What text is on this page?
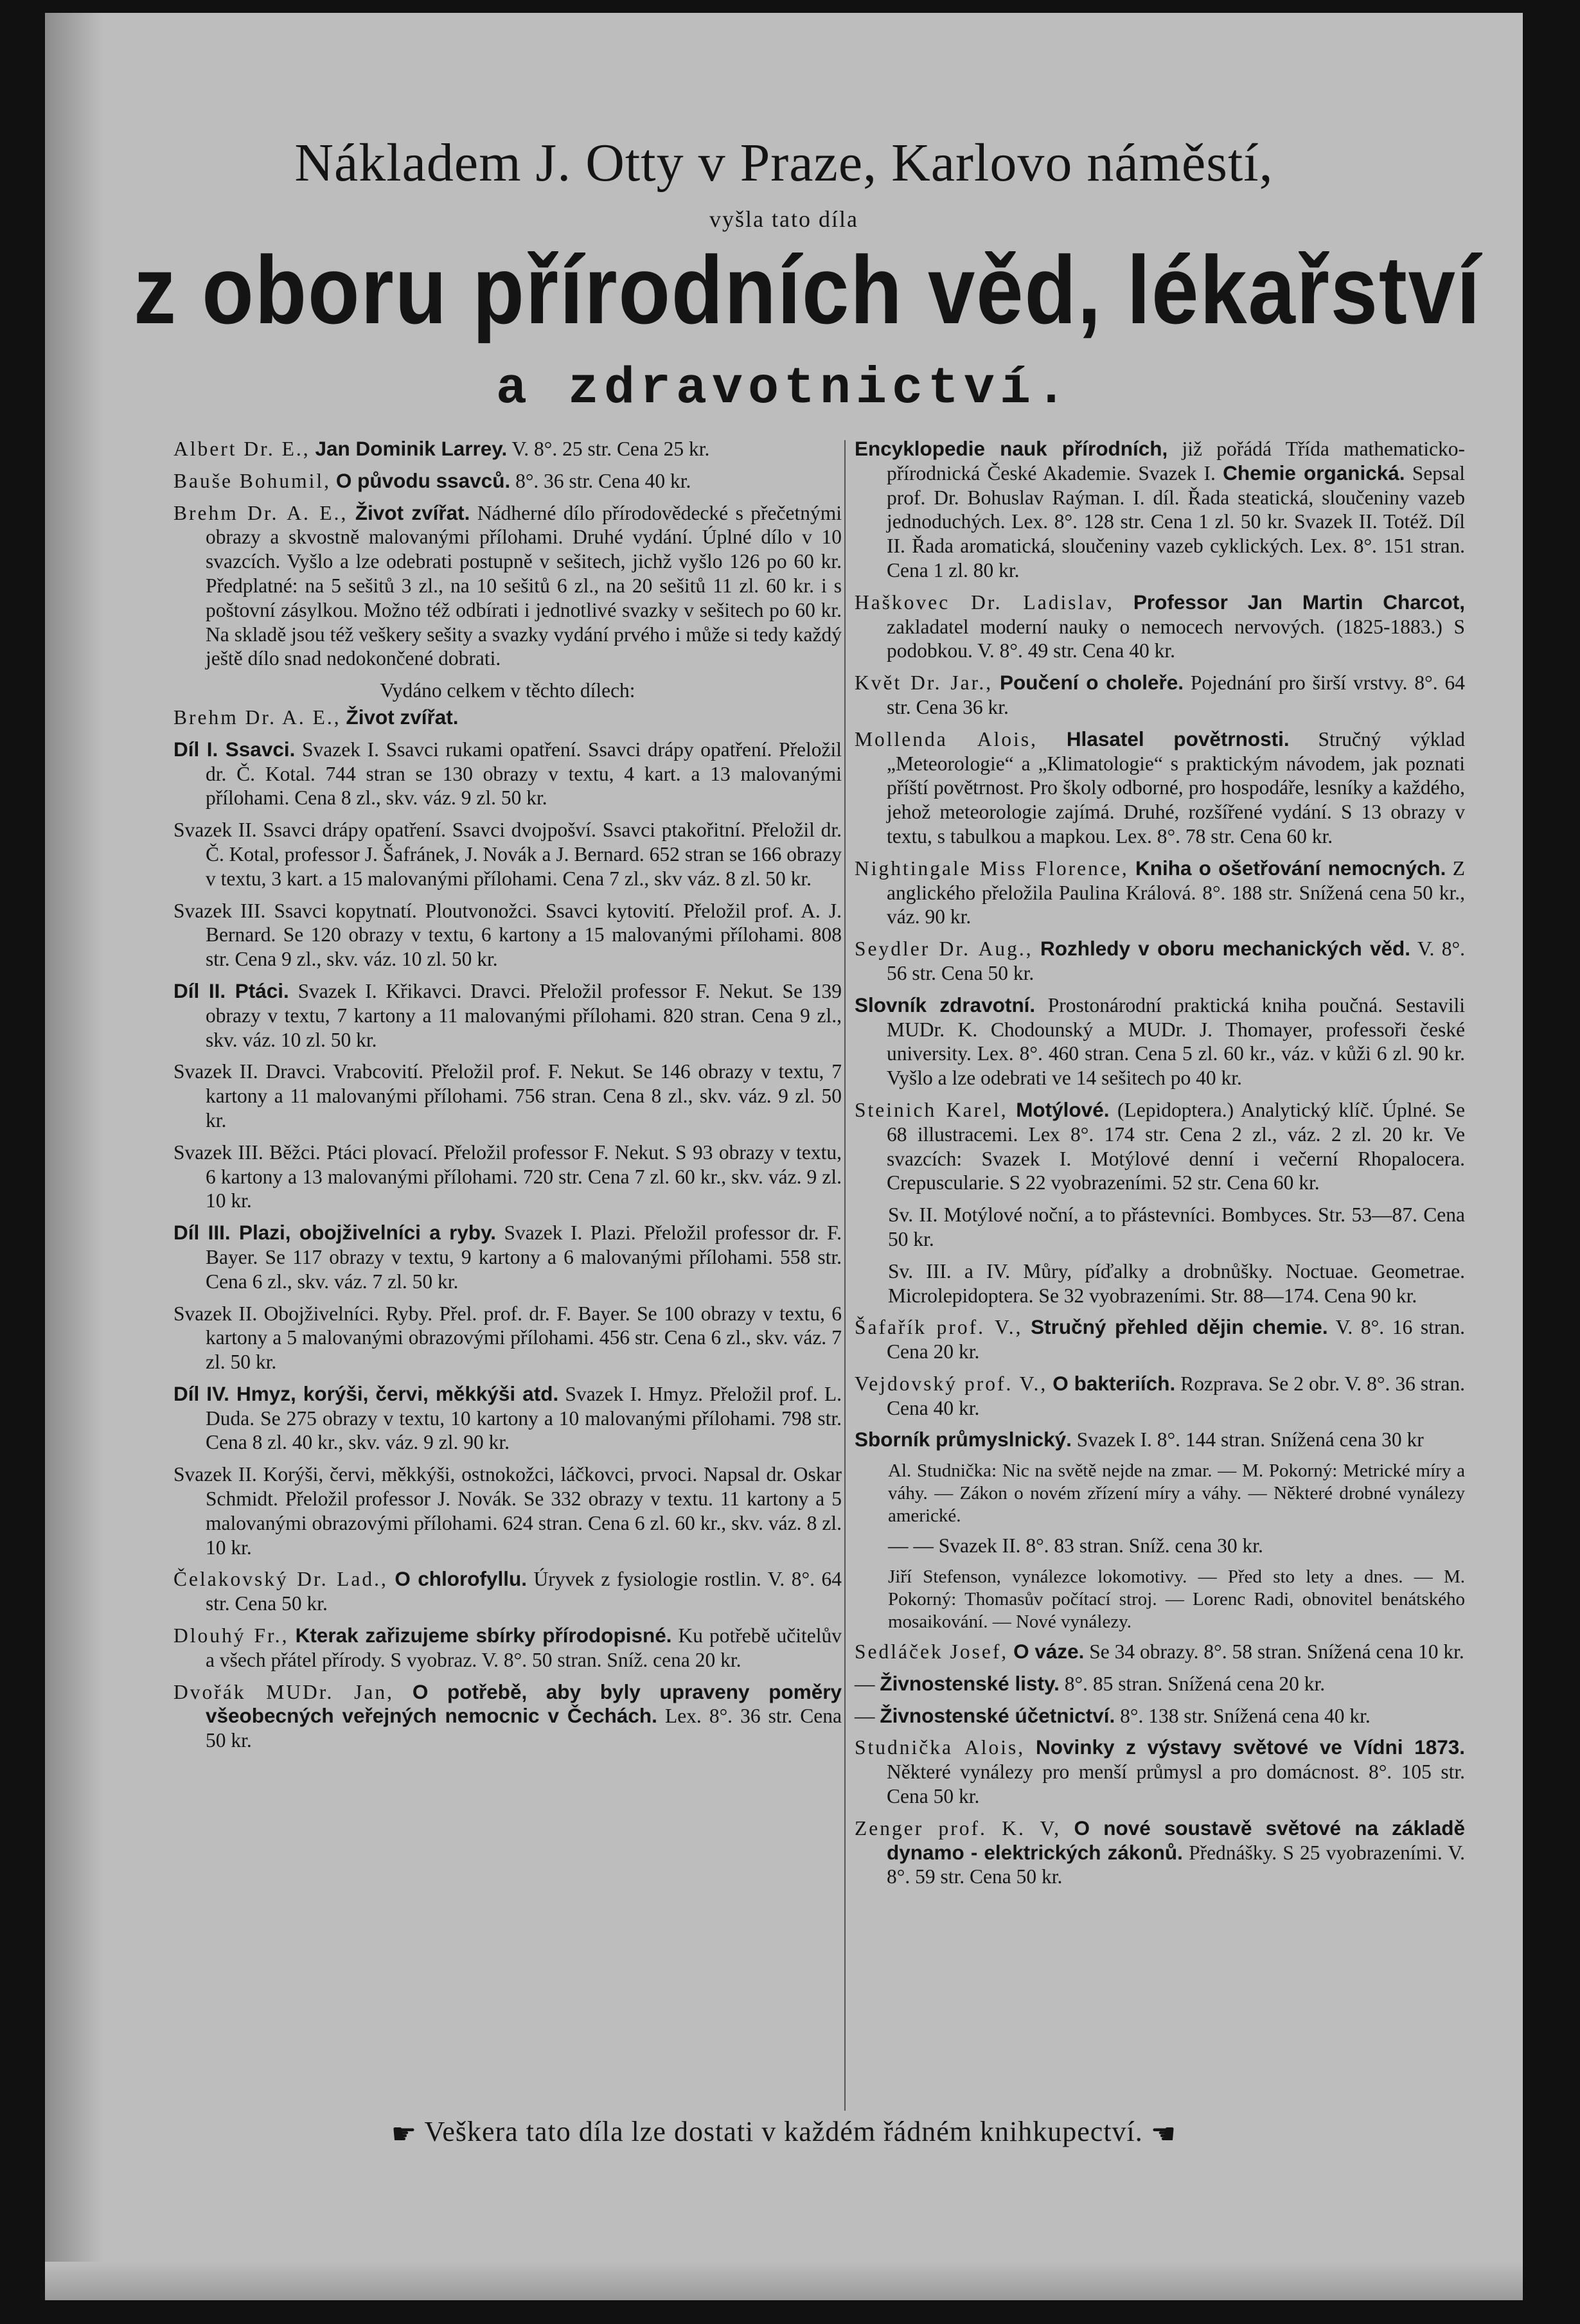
Nákladem J. Otty v Praze, Karlovo náměstí,
vyšla tato díla
z oboru přírodních věd, lékařství
a zdravotnictví.

Albert Dr. E., Jan Dominik Larrey. V. 8°. 25 str. Cena 25 kr.

Bauše Bohumil, O původu ssavců. 8°. 36 str. Cena 40 kr.

Brehm Dr. A. E., Život zvířat. Nádherné dílo přírodovědecké s přečetnými obrazy a skvostně malovanými přílohami. Druhé vydání. Úplné dílo v 10 svazcích. Vyšlo a lze odebrati postupně v sešitech, jichž vyšlo 126 po 60 kr. Předplatné: na 5 sešitů 3 zl., na 10 sešitů 6 zl., na 20 sešitů 11 zl. 60 kr. i s poštovní zásylkou. Možno též odbírati i jednotlivé svazky v sešitech po 60 kr. Na skladě jsou též veškery sešity a svazky vydání prvého i může si tedy každý ještě dílo snad nedokončené dobrati.

Vydáno celkem v těchto dílech:

Brehm Dr. A. E., Život zvířat.

Díl I. Ssavci. Svazek I. Ssavci rukami opatření. Ssavci drápy opatření. Přeložil dr. Č. Kotal. 744 stran se 130 obrazy v textu, 4 kart. a 13 malovanými přílohami. Cena 8 zl., skv. váz. 9 zl. 50 kr.

Svazek II. Ssavci drápy opatření. Ssavci dvojpošví. Ssavci ptakořitní. Přeložil dr. Č. Kotal, professor J. Šafránek, J. Novák a J. Bernard. 652 stran se 166 obrazy v textu, 3 kart. a 15 malovanými přílohami. Cena 7 zl., skv váz. 8 zl. 50 kr.

Svazek III. Ssavci kopytnatí. Ploutvonožci. Ssavci kytovití. Přeložil prof. A. J. Bernard. Se 120 obrazy v textu, 6 kartony a 15 malovanými přílohami. 808 str. Cena 9 zl., skv. váz. 10 zl. 50 kr.

Díl II. Ptáci. Svazek I. Křikavci. Dravci. Přeložil professor F. Nekut. Se 139 obrazy v textu, 7 kartony a 11 malovanými přílohami. 820 stran. Cena 9 zl., skv. váz. 10 zl. 50 kr.

Svazek II. Dravci. Vrabcovití. Přeložil prof. F. Nekut. Se 146 obrazy v textu, 7 kartony a 11 malovanými přílohami. 756 stran. Cena 8 zl., skv. váz. 9 zl. 50 kr.

Svazek III. Běžci. Ptáci plovací. Přeložil professor F. Nekut. S 93 obrazy v textu, 6 kartony a 13 malovanými přílohami. 720 str. Cena 7 zl. 60 kr., skv. váz. 9 zl. 10 kr.

Díl III. Plazi, obojživelníci a ryby. Svazek I. Plazi. Přeložil professor dr. F. Bayer. Se 117 obrazy v textu, 9 kartony a 6 malovanými přílohami. 558 str. Cena 6 zl., skv. váz. 7 zl. 50 kr.

Svazek II. Obojživelníci. Ryby. Přel. prof. dr. F. Bayer. Se 100 obrazy v textu, 6 kartony a 5 malovanými obrazovými přílohami. 456 str. Cena 6 zl., skv. váz. 7 zl. 50 kr.

Díl IV. Hmyz, korýši, červi, měkkýši atd. Svazek I. Hmyz. Přeložil prof. L. Duda. Se 275 obrazy v textu, 10 kartony a 10 malovanými přílohami. 798 str. Cena 8 zl. 40 kr., skv. váz. 9 zl. 90 kr.

Svazek II. Korýši, červi, měkkýši, ostnokožci, láčkovci, prvoci. Napsal dr. Oskar Schmidt. Přeložil professor J. Novák. Se 332 obrazy v textu. 11 kartony a 5 malovanými obrazovými přílohami. 624 stran. Cena 6 zl. 60 kr., skv. váz. 8 zl. 10 kr.

Čelakovský Dr. Lad., O chlorofyllu. Úryvek z fysiologie rostlin. V. 8°. 64 str. Cena 50 kr.

Dlouhý Fr., Kterak zařizujeme sbírky přírodopisné. Ku potřebě učitelův a všech přátel přírody. S vyobraz. V. 8°. 50 stran. Sníž. cena 20 kr.

Dvořák MUDr. Jan, O potřebě, aby byly upraveny poměry všeobecných veřejných nemocnic v Čechách. Lex. 8°. 36 str. Cena 50 kr.

Encyklopedie nauk přírodních, již pořádá Třída mathematicko-přírodnická České Akademie. Svazek I. Chemie organická. Sepsal prof. Dr. Bohuslav Raýman. I. díl. Řada steatická, sloučeniny vazeb jednoduchých. Lex. 8°. 128 str. Cena 1 zl. 50 kr. Svazek II. Totéž. Díl II. Řada aromatická, sloučeniny vazeb cyklických. Lex. 8°. 151 stran. Cena 1 zl. 80 kr.

Haškovec Dr. Ladislav, Professor Jan Martin Charcot, zakladatel moderní nauky o nemocech nervových. (1825-1883.) S podobkou. V. 8°. 49 str. Cena 40 kr.

Květ Dr. Jar., Poučení o choleře. Pojednání pro širší vrstvy. 8°. 64 str. Cena 36 kr.

Mollenda Alois, Hlasatel povětrnosti. Stručný výklad „Meteorologie“ a „Klimatologie“ s praktickým návodem, jak poznati příští povětrnost. Pro školy odborné, pro hospodáře, lesníky a každého, jehož meteorologie zajímá. Druhé, rozšířené vydání. S 13 obrazy v textu, s tabulkou a mapkou. Lex. 8°. 78 str. Cena 60 kr.

Nightingale Miss Florence, Kniha o ošetřování nemocných. Z anglického přeložila Paulina Králová. 8°. 188 str. Snížená cena 50 kr., váz. 90 kr.

Seydler Dr. Aug., Rozhledy v oboru mechanických věd. V. 8°. 56 str. Cena 50 kr.

Slovník zdravotní. Prostonárodní praktická kniha poučná. Sestavili MUDr. K. Chodounský a MUDr. J. Thomayer, professoři české university. Lex. 8°. 460 stran. Cena 5 zl. 60 kr., váz. v kůži 6 zl. 90 kr. Vyšlo a lze odebrati ve 14 sešitech po 40 kr.

Steinich Karel, Motýlové. (Lepidoptera.) Analytický klíč. Úplné. Se 68 illustracemi. Lex 8°. 174 str. Cena 2 zl., váz. 2 zl. 20 kr. Ve svazcích: Svazek I. Motýlové denní i večerní Rhopalocera. Crepuscularie. S 22 vyobrazeními. 52 str. Cena 60 kr.

Sv. II. Motýlové noční, a to přástevníci. Bombyces. Str. 53—87. Cena 50 kr.

Sv. III. a IV. Můry, píďalky a drobnůšky. Noctuae. Geometrae. Microlepidoptera. Se 32 vyobrazeními. Str. 88—174. Cena 90 kr.

Šafařík prof. V., Stručný přehled dějin chemie. V. 8°. 16 stran. Cena 20 kr.

Vejdovský prof. V., O bakteriích. Rozprava. Se 2 obr. V. 8°. 36 stran. Cena 40 kr.

Sborník průmyslnický. Svazek I. 8°. 144 stran. Snížená cena 30 kr

Al. Studnička: Nic na světě nejde na zmar. — M. Pokorný: Metrické míry a váhy. — Zákon o novém zřízení míry a váhy. — Některé drobné vynálezy americké.

— — Svazek II. 8°. 83 stran. Sníž. cena 30 kr.

Jiří Stefenson, vynálezce lokomotivy. — Před sto lety a dnes. — M. Pokorný: Thomasův počítací stroj. — Lorenc Radi, obnovitel benátského mosaikování. — Nové vynálezy.

Sedláček Josef, O váze. Se 34 obrazy. 8°. 58 stran. Snížená cena 10 kr.

— Živnostenské listy. 8°. 85 stran. Snížená cena 20 kr.

— Živnostenské účetnictví. 8°. 138 str. Snížená cena 40 kr.

Studnička Alois, Novinky z výstavy světové ve Vídni 1873. Některé vynálezy pro menší průmysl a pro domácnost. 8°. 105 str. Cena 50 kr.

Zenger prof. K. V, O nové soustavě světové na základě dynamo - elektrických zákonů. Přednášky. S 25 vyobrazeními. V. 8°. 59 str. Cena 50 kr.

☛ Veškera tato díla lze dostati v každém řádném knihkupectví. ☚
